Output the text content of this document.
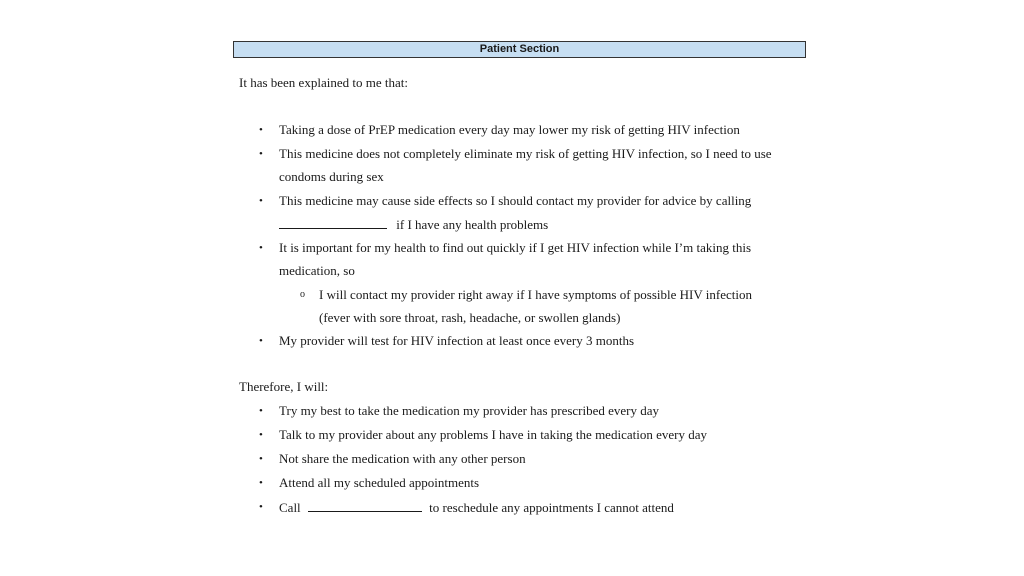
Patient Section
It has been explained to me that:
• Taking a dose of PrEP medication every day may lower my risk of getting HIV infection
• This medicine does not completely eliminate my risk of getting HIV infection, so I need to use
condoms during sex
• This medicine may cause side effects so I should contact my provider for advice by calling
if I have any health problems
• It is important for my health to find out quickly if I get HIV infection while I’m taking this
medication, so
o I will contact my provider right away if I have symptoms of possible HIV infection
(fever with sore throat, rash, headache, or swollen glands)
• My provider will test for HIV infection at least once every 3 months
Therefore, I will:
• Try my best to take the medication my provider has prescribed every day
• Talk to my provider about any problems I have in taking the medication every day
• Not share the medication with any other person
• Attend all my scheduled appointments
• Call	to reschedule any appointments I cannot attend
